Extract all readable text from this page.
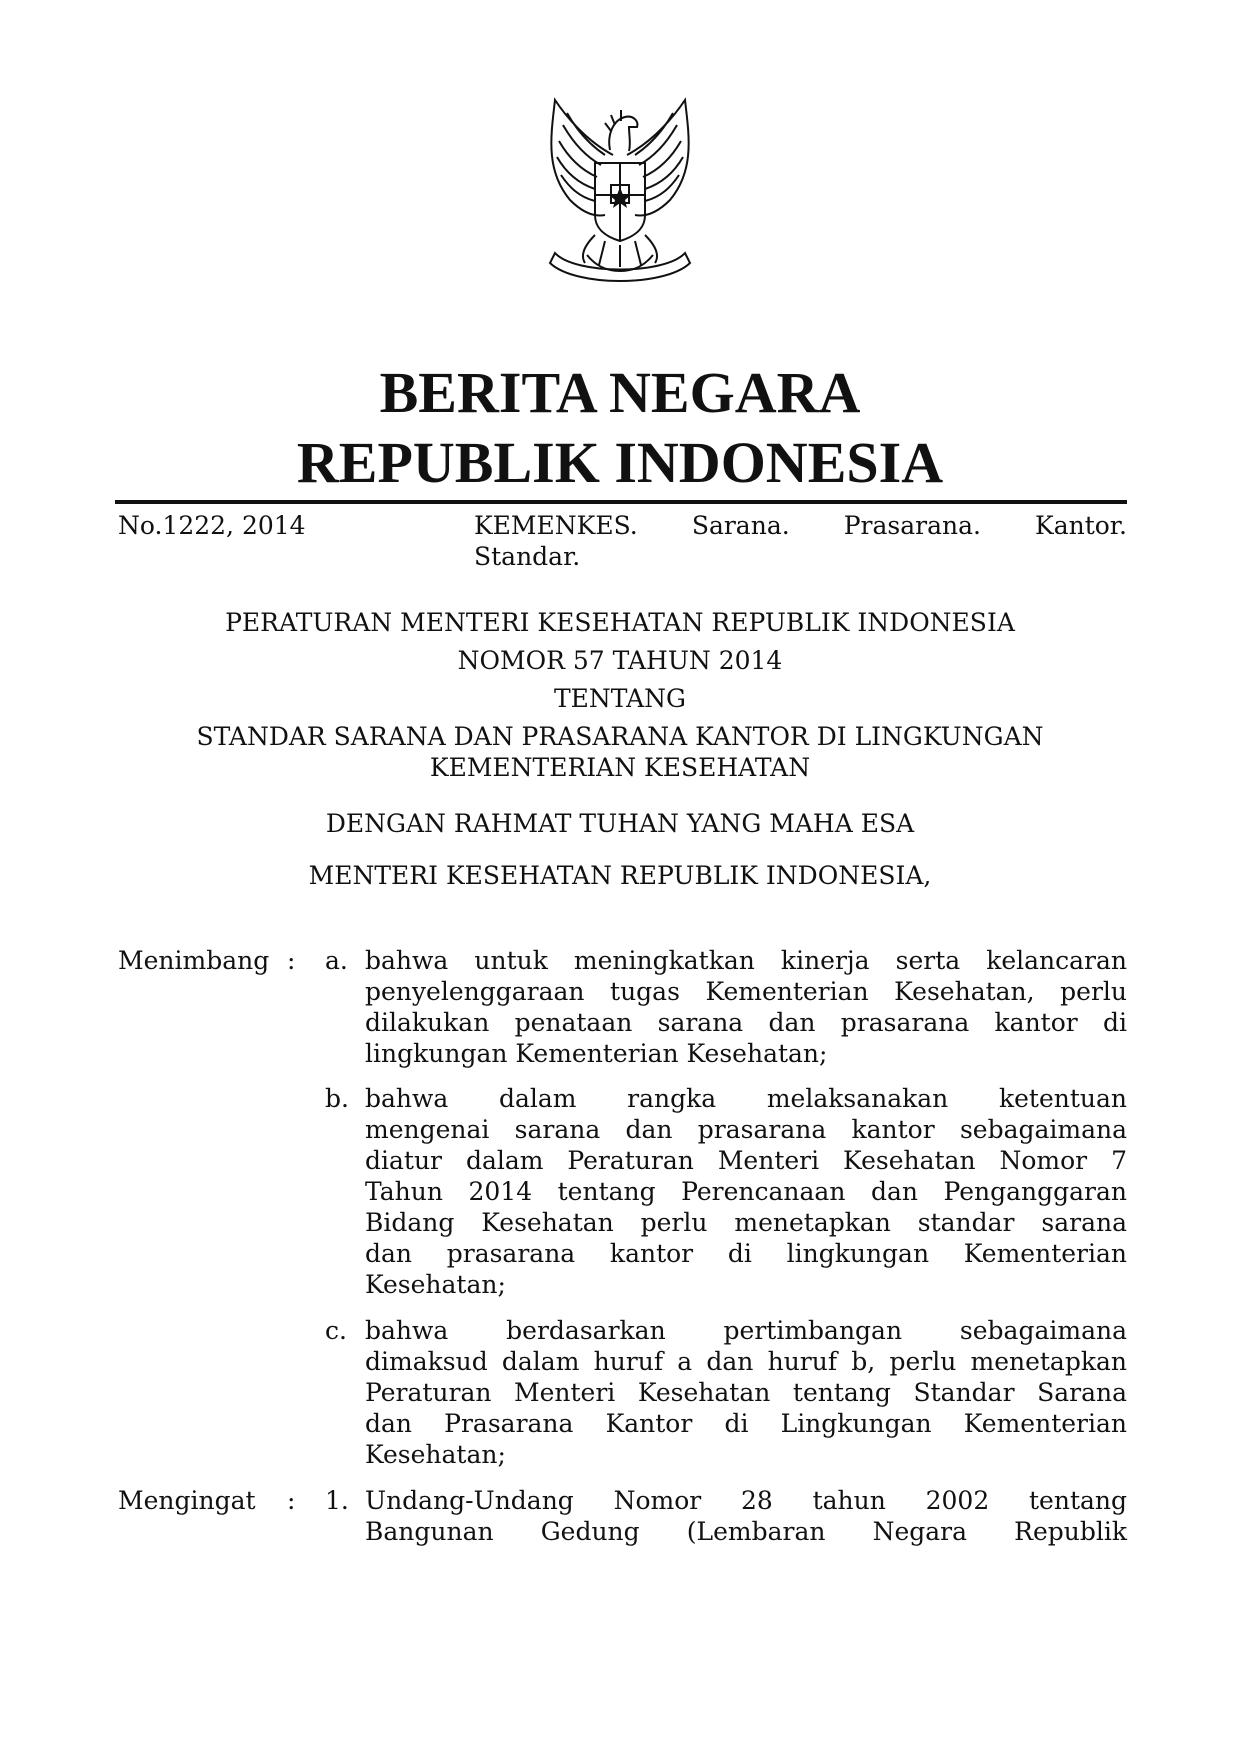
BERITA NEGARA
REPUBLIK INDONESIA

No.1222, 2014	KEMENKES. Sarana. Prasarana. Kantor.

Standar.

PERATURAN MENTERI KESEHATAN REPUBLIK INDONESIA

NOMOR 57 TAHUN 2014

TENTANG

STANDAR SARANA DAN PRASARANA KANTOR DI LINGKUNGAN

KEMENTERIAN KESEHATAN

DENGAN RAHMAT TUHAN YANG MAHA ESA

MENTERI KESEHATAN REPUBLIK INDONESIA,

Menimbang : a. bahwa untuk meningkatkan kinerja serta kelancaran
penyelenggaraan tugas Kementerian Kesehatan, perlu
dilakukan penataan sarana dan prasarana kantor di
lingkungan Kementerian Kesehatan;
b. bahwa dalam rangka melaksanakan ketentuan
mengenai sarana dan prasarana kantor sebagaimana
diatur dalam Peraturan Menteri Kesehatan Nomor 7
Tahun 2014 tentang Perencanaan dan Penganggaran
Bidang Kesehatan perlu menetapkan standar sarana
dan prasarana kantor di lingkungan Kementerian
Kesehatan;
c. bahwa berdasarkan pertimbangan sebagaimana
dimaksud dalam huruf a dan huruf b, perlu menetapkan
Peraturan Menteri Kesehatan tentang Standar Sarana
dan Prasarana Kantor di Lingkungan Kementerian
Kesehatan;
Mengingat : 1. Undang-Undang Nomor 28 tahun 2002 tentang
Bangunan Gedung (Lembaran Negara Republik
